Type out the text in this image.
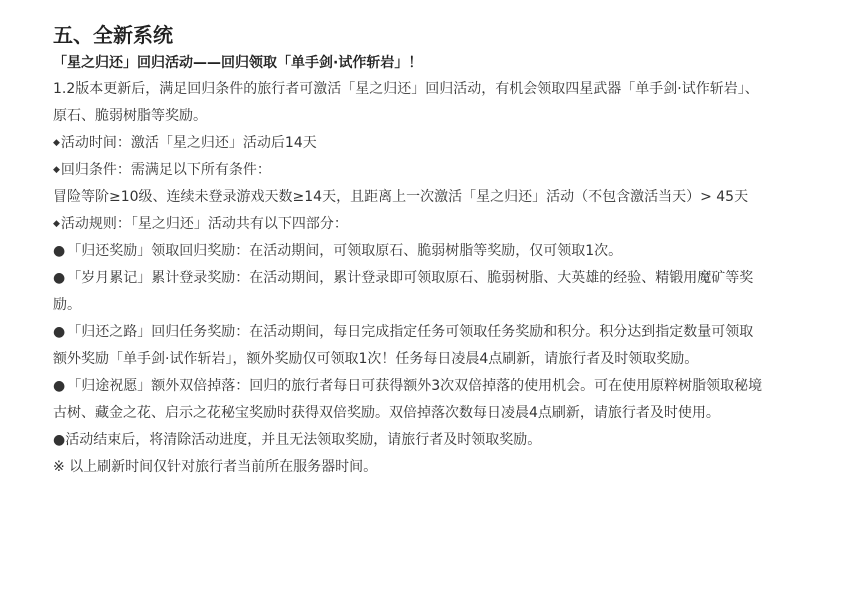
五、全新系统
「星之归还」回归活动——回归领取「单手剑·试作斩岩」！

1.2版本更新后，满足回归条件的旅行者可激活「星之归还」回归活动，有机会领取四星武器「单手剑·试作斩岩」、原石、脆弱树脂等奖励。

◆活动时间：激活「星之归还」活动后14天

◆回归条件：需满足以下所有条件：

冒险等阶≥10级、连续未登录游戏天数≥14天，且距离上一次激活「星之归还」活动（不包含激活当天）> 45天

◆活动规则：「星之归还」活动共有以下四部分：

● 「归还奖励」领取回归奖励：在活动期间，可领取原石、脆弱树脂等奖励，仅可领取1次。

● 「岁月累记」累计登录奖励：在活动期间，累计登录即可领取原石、脆弱树脂、大英雄的经验、精锻用魔矿等奖励。

● 「归还之路」回归任务奖励：在活动期间，每日完成指定任务可领取任务奖励和积分。积分达到指定数量可领取额外奖励「单手剑·试作斩岩」，额外奖励仅可领取1次！任务每日凌晨4点刷新，请旅行者及时领取奖励。

● 「归途祝愿」额外双倍掉落：回归的旅行者每日可获得额外3次双倍掉落的使用机会。可在使用原粹树脂领取秘境古树、藏金之花、启示之花秘宝奖励时获得双倍奖励。双倍掉落次数每日凌晨4点刷新，请旅行者及时使用。

●活动结束后，将清除活动进度，并且无法领取奖励，请旅行者及时领取奖励。

※ 以上刷新时间仅针对旅行者当前所在服务器时间。
